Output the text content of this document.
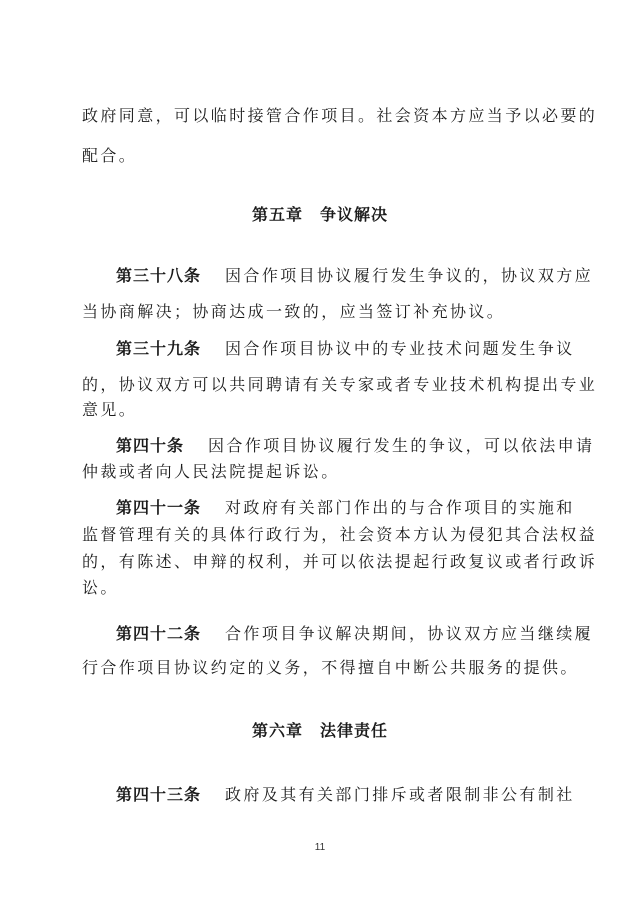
政府同意，可以临时接管合作项目。社会资本方应当予以必要的
配合。
第五章　争议解决
第三十八条 因合作项目协议履行发生争议的，协议双方应
当协商解决；协商达成一致的，应当签订补充协议。
第三十九条 因合作项目协议中的专业技术问题发生争议
的，协议双方可以共同聘请有关专家或者专业技术机构提出专业
意见。
第四十条 因合作项目协议履行发生的争议，可以依法申请
仲裁或者向人民法院提起诉讼。
第四十一条 对政府有关部门作出的与合作项目的实施和
监督管理有关的具体行政行为，社会资本方认为侵犯其合法权益
的，有陈述、申辩的权利，并可以依法提起行政复议或者行政诉
讼。
第四十二条 合作项目争议解决期间，协议双方应当继续履
行合作项目协议约定的义务，不得擅自中断公共服务的提供。
第六章　法律责任
第四十三条 政府及其有关部门排斥或者限制非公有制社
11
